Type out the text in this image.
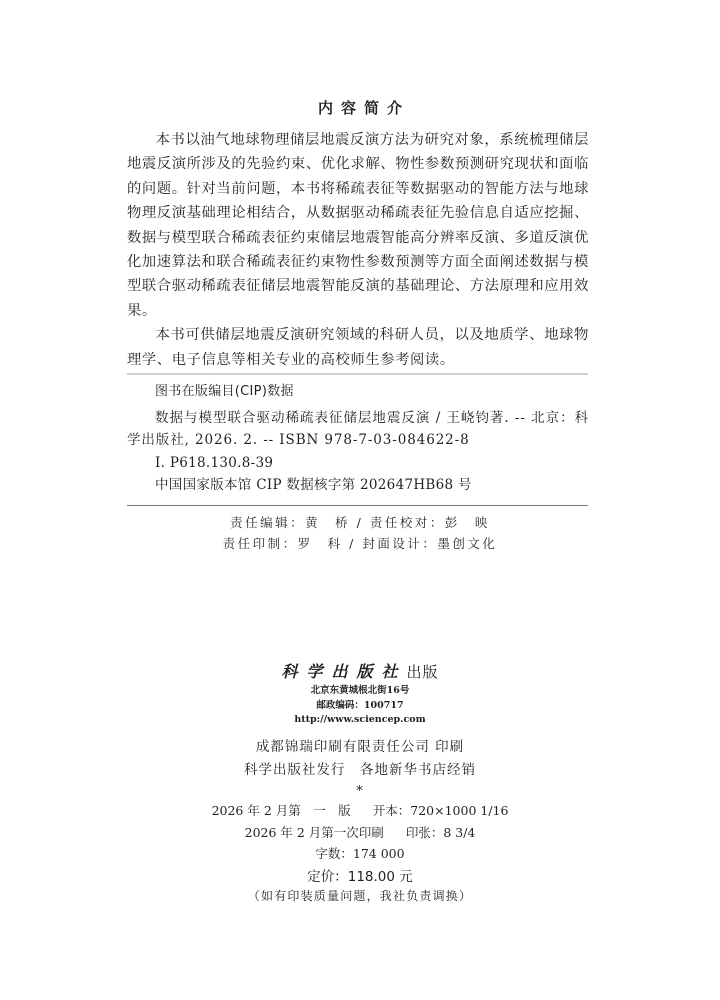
内容简介

本书以油气地球物理储层地震反演方法为研究对象，系统梳理储层地震反演所涉及的先验约束、优化求解、物性参数预测研究现状和面临的问题。针对当前问题，本书将稀疏表征等数据驱动的智能方法与地球物理反演基础理论相结合，从数据驱动稀疏表征先验信息自适应挖掘、数据与模型联合稀疏表征约束储层地震智能高分辨率反演、多道反演优化加速算法和联合稀疏表征约束物性参数预测等方面全面阐述数据与模型联合驱动稀疏表征储层地震智能反演的基础理论、方法原理和应用效果。

本书可供储层地震反演研究领域的科研人员，以及地质学、地球物理学、电子信息等相关专业的高校师生参考阅读。

图书在版编目(CIP)数据

数据与模型联合驱动稀疏表征储层地震反演 / 王峣钧著. -- 北京：科学出版社, 2026. 2. -- ISBN 978-7-03-084622-8

Ⅰ. P618.130.8-39

中国国家版本馆 CIP 数据核字第 202647HB68 号

责任编辑：黄　桥 / 责任校对：彭　映
责任印制：罗　科 / 封面设计：墨创文化
科学出版社出版
北京东黄城根北街16号
邮政编码：100717
http://www.sciencep.com
成都锦瑞印刷有限责任公司 印刷
科学出版社发行　各地新华书店经销
*
2026 年 2 月第　一　版 开本：720×1000 1/16
2026 年 2 月第一次印刷 印张：8 3/4
字数：174 000
定价：118.00 元
（如有印装质量问题，我社负责调换）
